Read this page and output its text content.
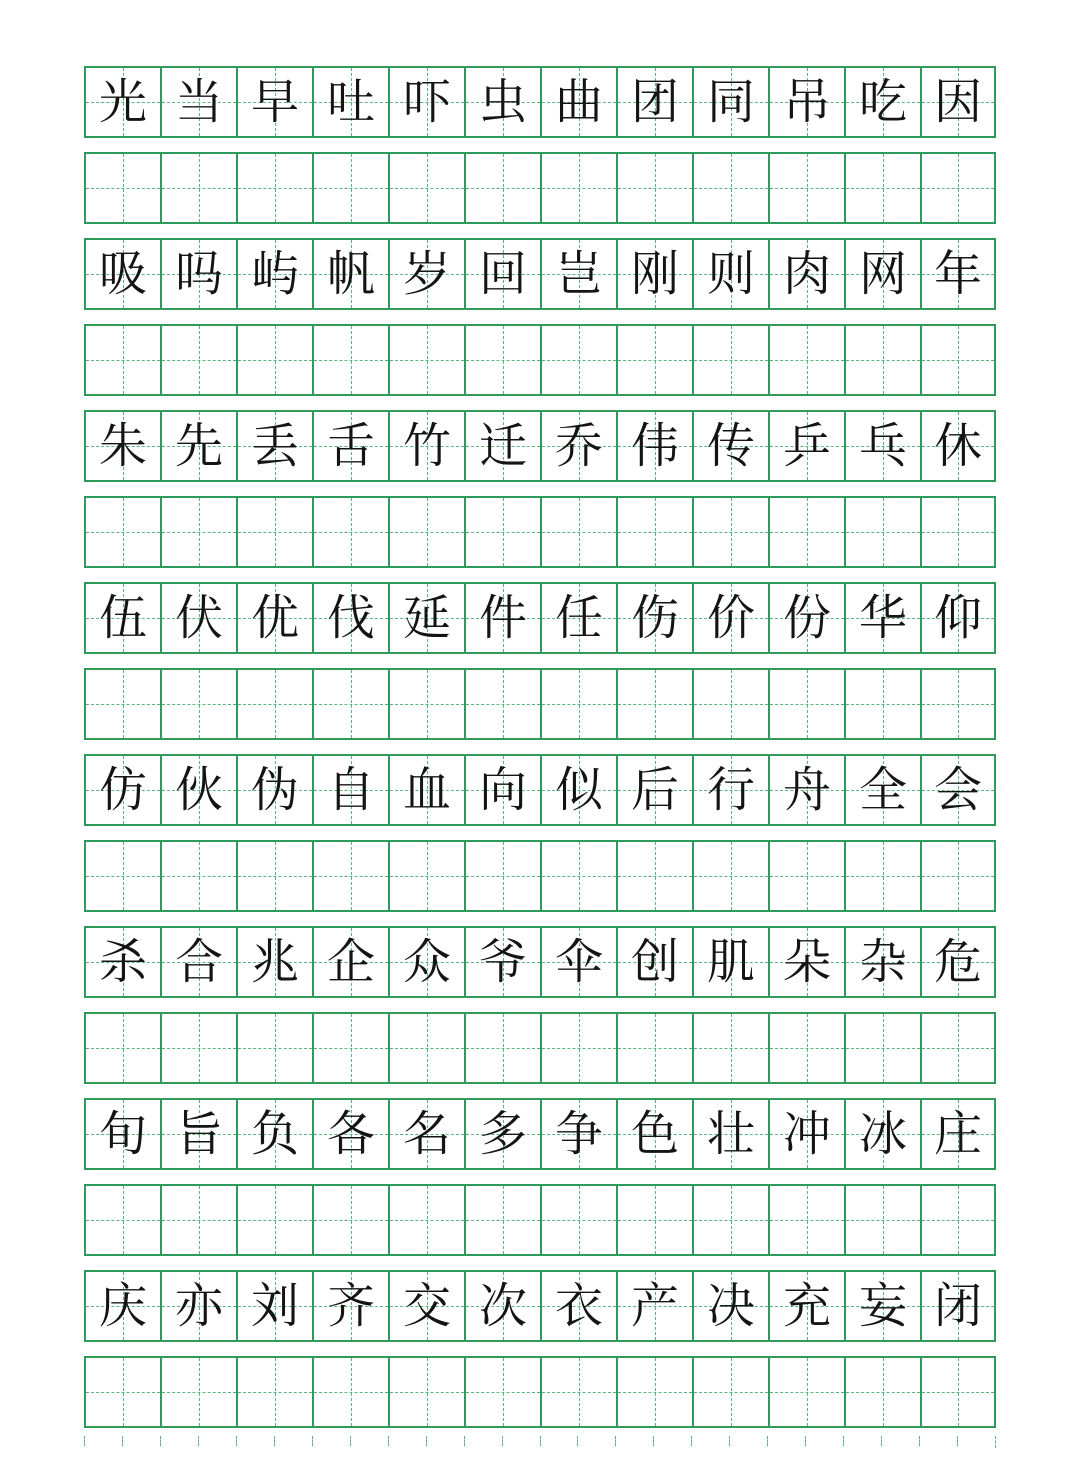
光 当 早 吐 吓 虫 曲 团 同 吊 吃 因
吸 吗 屿 帆 岁 回 岂 刚 则 肉 网 年
朱 先 丢 舌 竹 迁 乔 伟 传 乒 乓 休
伍 伏 优 伐 延 件 任 伤 价 份 华 仰
仿 伙 伪 自 血 向 似 后 行 舟 全 会
杀 合 兆 企 众 爷 伞 创 肌 朵 杂 危
旬 旨 负 各 名 多 争 色 壮 冲 冰 庄
庆 亦 刘 齐 交 次 衣 产 决 充 妄 闭
